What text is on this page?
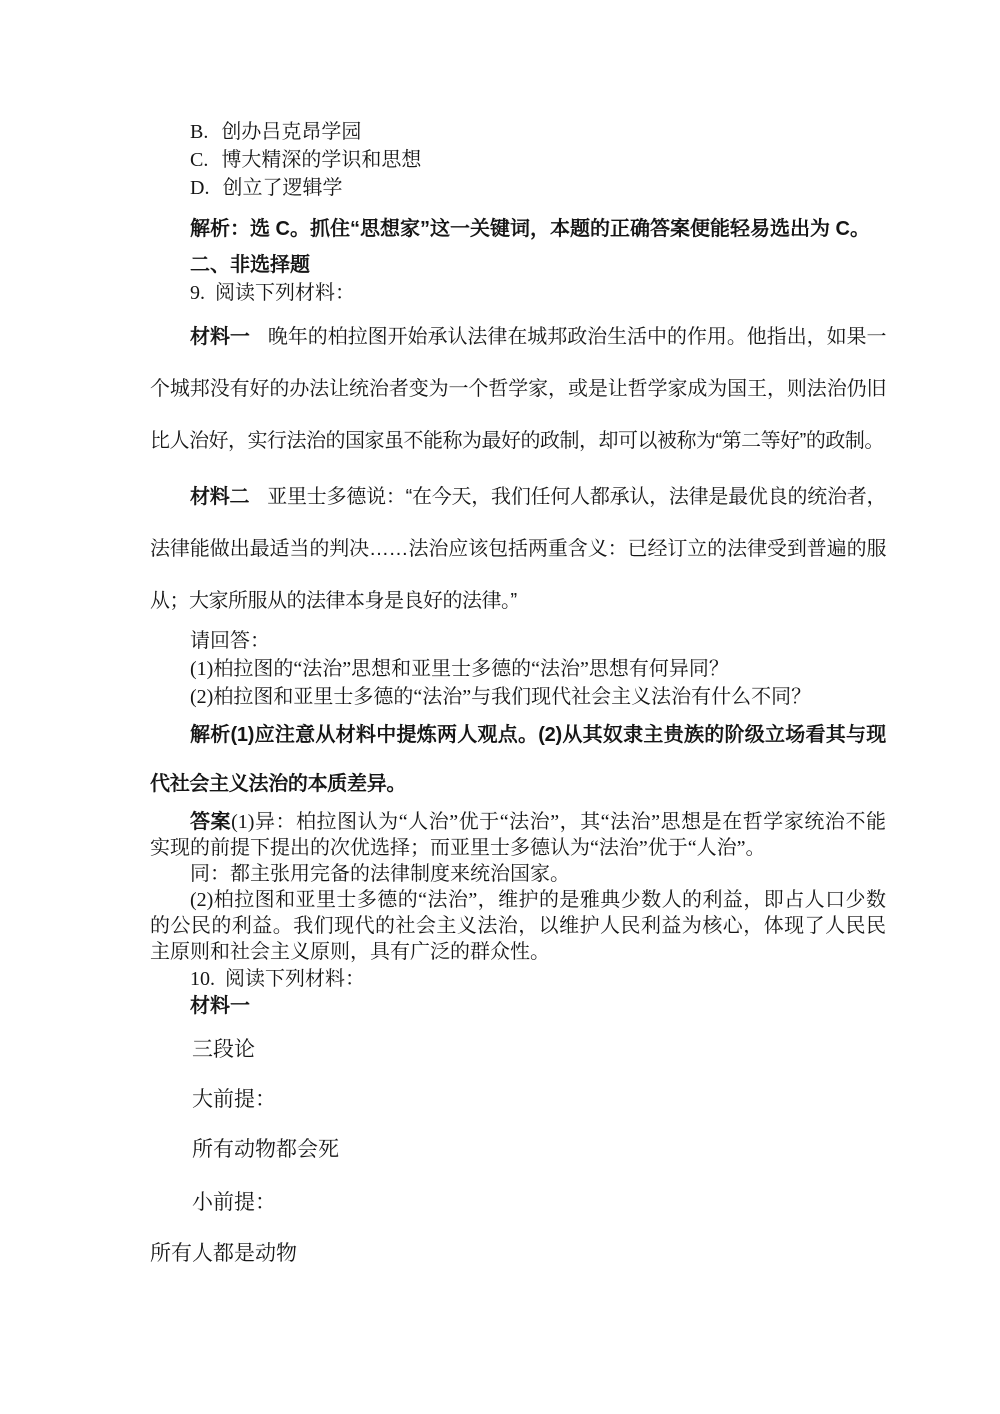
B. 创办吕克昂学园

C. 博大精深的学识和思想

D. 创立了逻辑学

解析：选 C。抓住“思想家”这一关键词，本题的正确答案便能轻易选出为 C。

二、非选择题

9. 阅读下列材料：

材料一 晚年的柏拉图开始承认法律在城邦政治生活中的作用。他指出，如果一个城邦没有好的办法让统治者变为一个哲学家，或是让哲学家成为国王，则法治仍旧比人治好，实行法治的国家虽不能称为最好的政制，却可以被称为“第二等好”的政制。

材料二 亚里士多德说：“在今天，我们任何人都承认，法律是最优良的统治者，法律能做出最适当的判决……法治应该包括两重含义：已经订立的法律受到普遍的服从；大家所服从的法律本身是良好的法律。”

请回答：

(1)柏拉图的“法治”思想和亚里士多德的“法治”思想有何异同？

(2)柏拉图和亚里士多德的“法治”与我们现代社会主义法治有什么不同？

解析(1)应注意从材料中提炼两人观点。(2)从其奴隶主贵族的阶级立场看其与现代社会主义法治的本质差异。

答案(1)异：柏拉图认为“人治”优于“法治”，其“法治”思想是在哲学家统治不能实现的前提下提出的次优选择；而亚里士多德认为“法治”优于“人治”。

同：都主张用完备的法律制度来统治国家。

(2)柏拉图和亚里士多德的“法治”，维护的是雅典少数人的利益，即占人口少数的公民的利益。我们现代的社会主义法治，以维护人民利益为核心，体现了人民民主原则和社会主义原则，具有广泛的群众性。

10. 阅读下列材料：

材料一

三段论

大前提：

所有动物都会死

小前提：

所有人都是动物
